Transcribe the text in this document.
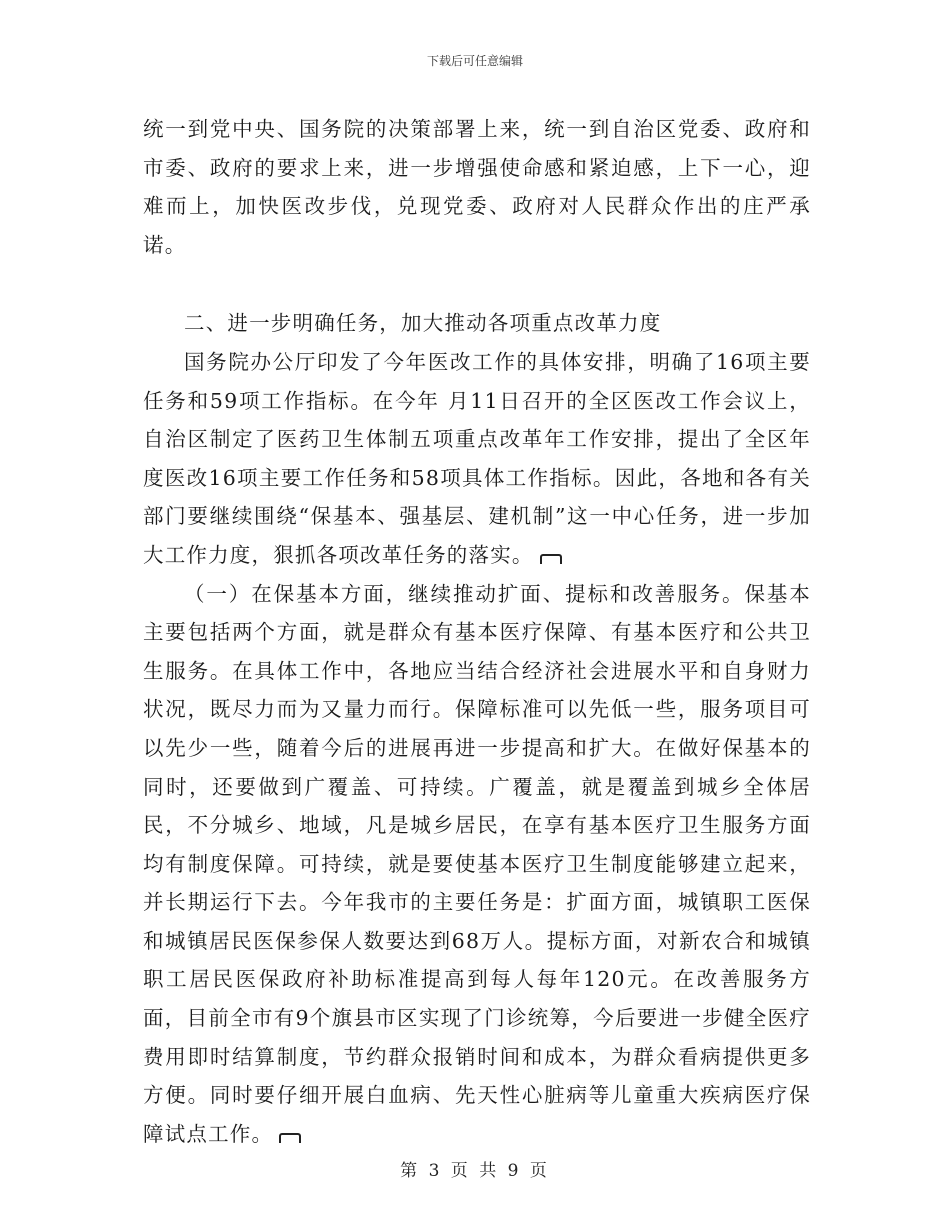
下载后可任意编辑

统一到党中央、国务院的决策部署上来，统一到自治区党委、政府和市委、政府的要求上来，进一步增强使命感和紧迫感，上下一心，迎难而上，加快医改步伐，兑现党委、政府对人民群众作出的庄严承诺。

二、进一步明确任务，加大推动各项重点改革力度

国务院办公厅印发了今年医改工作的具体安排，明确了16项主要任务和59项工作指标。在今年 月11日召开的全区医改工作会议上，自治区制定了医药卫生体制五项重点改革年工作安排，提出了全区年度医改16项主要工作任务和58项具体工作指标。因此，各地和各有关部门要继续围绕“保基本、强基层、建机制”这一中心任务，进一步加大工作力度，狠抓各项改革任务的落实。

（一）在保基本方面，继续推动扩面、提标和改善服务。保基本主要包括两个方面，就是群众有基本医疗保障、有基本医疗和公共卫生服务。在具体工作中，各地应当结合经济社会进展水平和自身财力状况，既尽力而为又量力而行。保障标准可以先低一些，服务项目可以先少一些，随着今后的进展再进一步提高和扩大。在做好保基本的同时，还要做到广覆盖、可持续。广覆盖，就是覆盖到城乡全体居民，不分城乡、地域，凡是城乡居民，在享有基本医疗卫生服务方面均有制度保障。可持续，就是要使基本医疗卫生制度能够建立起来，并长期运行下去。今年我市的主要任务是：扩面方面，城镇职工医保和城镇居民医保参保人数要达到68万人。提标方面，对新农合和城镇职工居民医保政府补助标准提高到每人每年120元。在改善服务方面，目前全市有9个旗县市区实现了门诊统筹，今后要进一步健全医疗费用即时结算制度，节约群众报销时间和成本，为群众看病提供更多方便。同时要仔细开展白血病、先天性心脏病等儿童重大疾病医疗保障试点工作。

第 3 页 共 9 页
